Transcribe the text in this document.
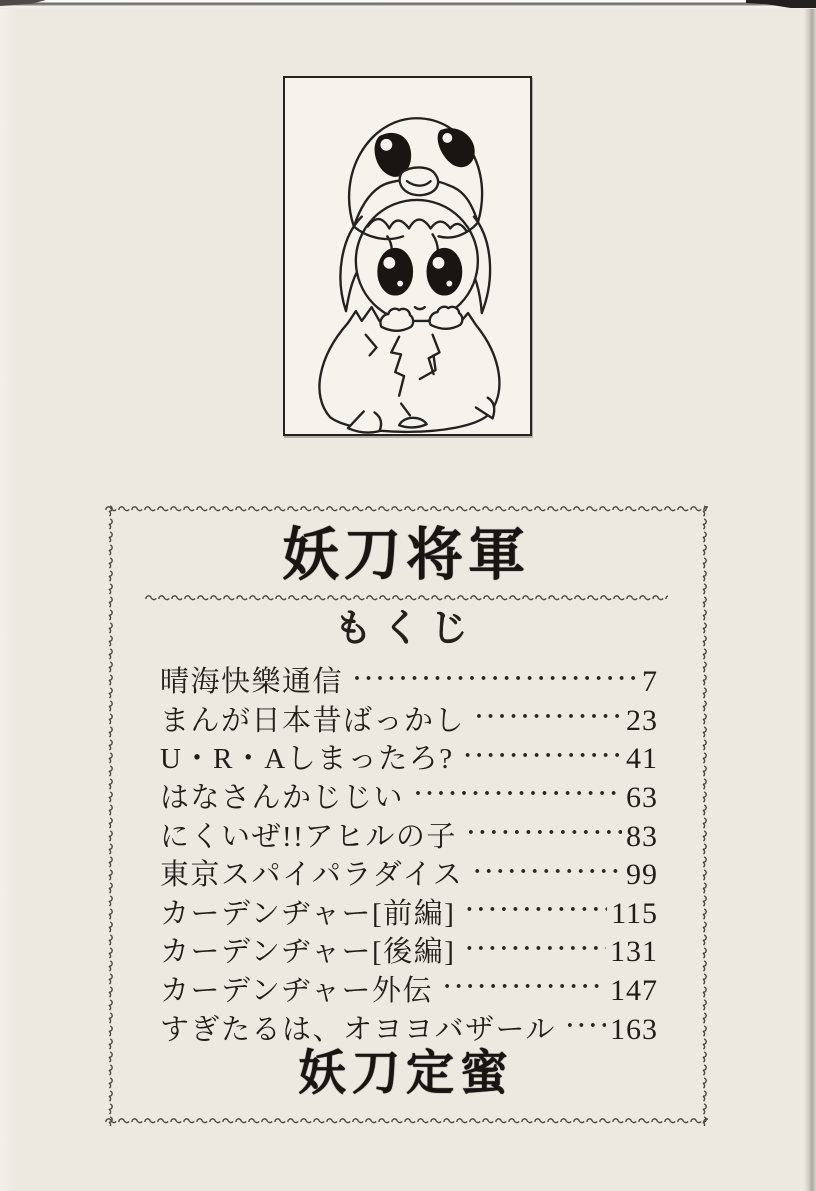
妖刀将軍
もくじ
晴海快樂通信 ·····	7
まんが日本昔ばっかし ·····	23
U・R・Aしまったろ? ·····	41
はなさんかじじい ·····	63
にくいぜ!!アヒルの子 ·····	83
東京スパイパラダイス ·····	99
カーデンヂャー[前編] ·····	115
カーデンヂャー[後編] ·····	131
カーデンヂャー外伝 ·····	147
すぎたるは、オヨヨバザール ····· 163
妖刀定蜜
